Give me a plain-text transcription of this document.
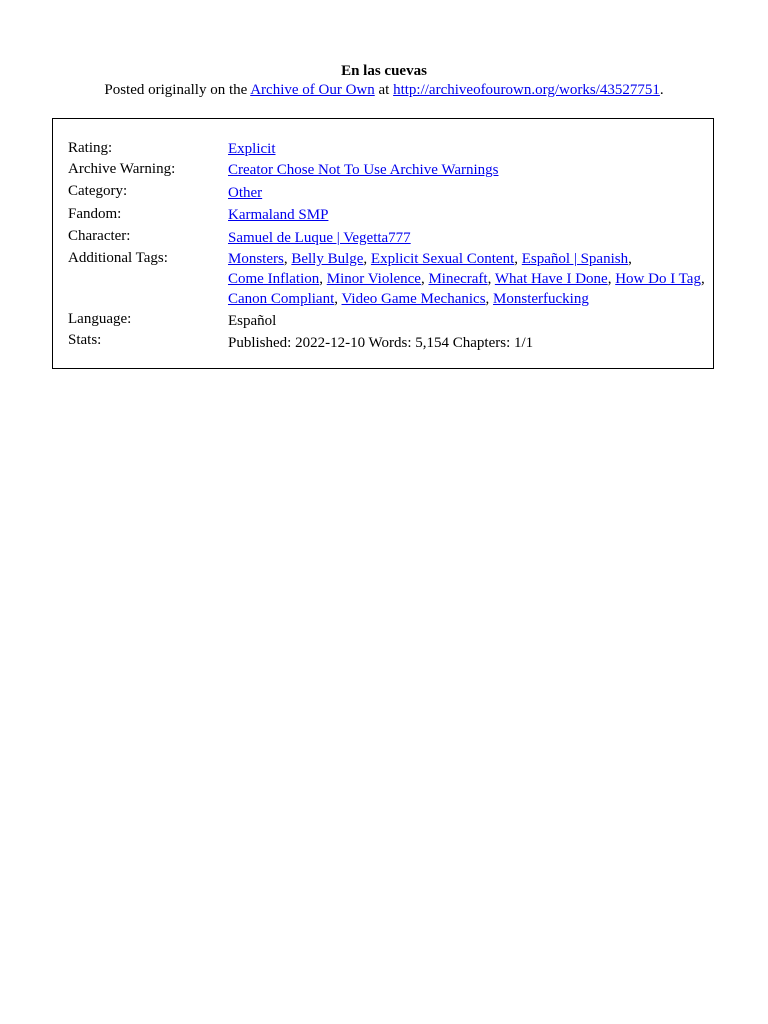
En las cuevas
Posted originally on the Archive of Our Own at http://archiveofourown.org/works/43527751.
Rating:	Explicit
Archive Warning:	Creator Chose Not To Use Archive Warnings
Category:	Other
Fandom:	Karmaland SMP
Character:	Samuel de Luque | Vegetta777
Additional Tags:	Monsters, Belly Bulge, Explicit Sexual Content, Español | Spanish,
Come Inflation, Minor Violence, Minecraft, What Have I Done, How Do I Tag, Canon Compliant, Video Game Mechanics, Monsterfucking
Language:	Español
Stats:	Published: 2022-12-10 Words: 5,154 Chapters: 1/1
